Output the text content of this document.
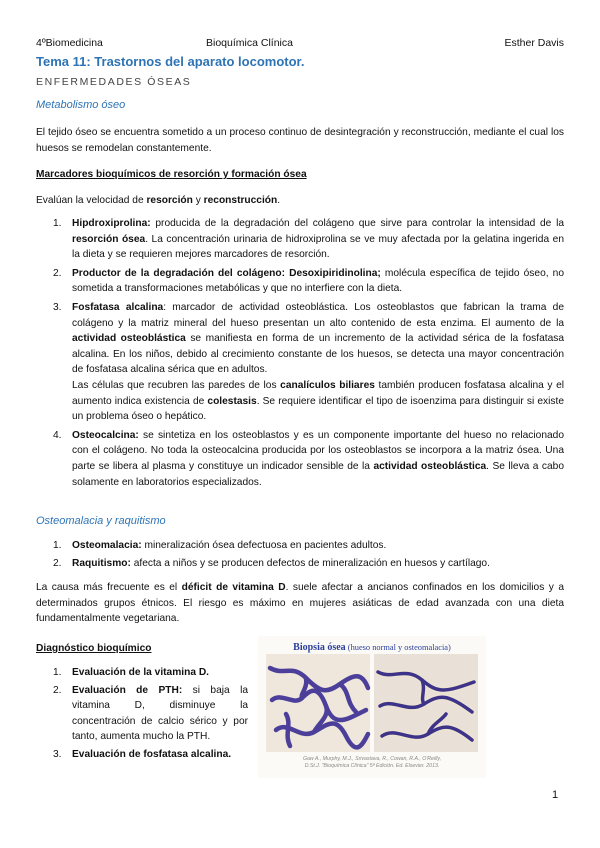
4ºBiomedicina	Bioquímica Clínica	Esther Davis
Tema 11: Trastornos del aparato locomotor.
ENFERMEDADES ÓSEAS
Metabolismo óseo
El tejido óseo se encuentra sometido a un proceso continuo de desintegración y reconstrucción, mediante el cual los huesos se remodelan constantemente.
Marcadores bioquímicos de resorción y formación ósea
Evalúan la velocidad de resorción y reconstrucción.
1. Hipdroxiprolina: producida de la degradación del colágeno que sirve para controlar la intensidad de la resorción ósea. La concentración urinaria de hidroxiprolina se ve muy afectada por la gelatina ingerida en la dieta y se requieren mejores marcadores de resorción.
2. Productor de la degradación del colágeno: Desoxipiridinolina; molécula específica de tejido óseo, no sometida a transformaciones metabólicas y que no interfiere con la dieta.
3. Fosfatasa alcalina: marcador de actividad osteoblástica. Los osteoblastos que fabrican la trama de colágeno y la matriz mineral del hueso presentan un alto contenido de esta enzima. El aumento de la actividad osteoblástica se manifiesta en forma de un incremento de la actividad sérica de la fosfatasa alcalina. En los niños, debido al crecimiento constante de los huesos, se detecta una mayor concentración de fosfatasa alcalina sérica que en adultos.
Las células que recubren las paredes de los canalículos biliares también producen fosfatasa alcalina y el aumento indica existencia de colestasis. Se requiere identificar el tipo de isoenzima para distinguir si existe un problema óseo o hepático.
4. Osteocalcina: se sintetiza en los osteoblastos y es un componente importante del hueso no relacionado con el colágeno. No toda la osteocalcina producida por los osteoblastos se incorpora a la matriz ósea. Una parte se libera al plasma y constituye un indicador sensible de la actividad osteoblástica. Se lleva a cabo solamente en laboratorios especializados.
Osteomalacia y raquitismo
1. Osteomalacia: mineralización ósea defectuosa en pacientes adultos.
2. Raquitismo: afecta a niños y se producen defectos de mineralización en huesos y cartílago.
La causa más frecuente es el déficit de vitamina D. suele afectar a ancianos confinados en los domicilios y a determinados grupos étnicos. El riesgo es máximo en mujeres asiáticas de edad avanzada con una dieta fundamentalmente vegetariana.
Diagnóstico bioquímico
1. Evaluación de la vitamina D.
2. Evaluación de PTH: si baja la vitamina D, disminuye la concentración de calcio sérico y por tanto, aumenta mucho la PTH.
3. Evaluación de fosfatasa alcalina.
Biopsia ósea (hueso normal y osteomalacia)
Gaw A., Murphy, M.J., Srivastava, R., Cowan, R.A., O'Reilly,
D.St.J. "Bioquímica Clínica" 5ª Edición. Ed. Elsevier. 2013.
1
